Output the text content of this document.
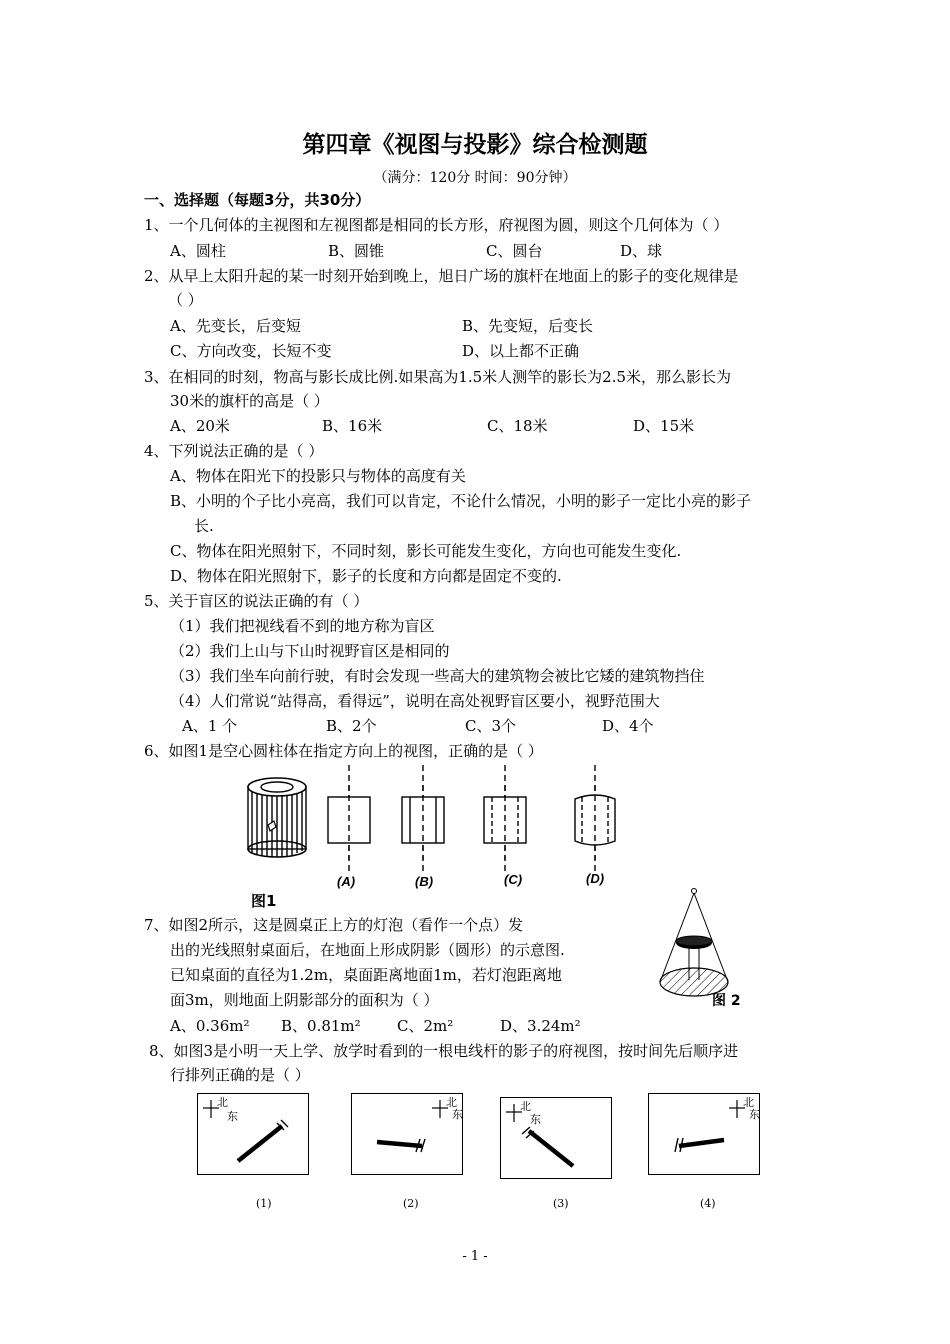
第四章《视图与投影》综合检测题
（满分：120分 时间：90分钟）
一、选择题（每题3分，共30分）
1、一个几何体的主视图和左视图都是相同的长方形，府视图为圆，则这个几何体为（ ）
A、圆柱	B、圆锥	C、圆台	D、球
2、从早上太阳升起的某一时刻开始到晚上，旭日广场的旗杆在地面上的影子的变化规律是
（ ）
A、先变长，后变短	B、先变短，后变长
C、方向改变，长短不变	D、以上都不正确
3、在相同的时刻，物高与影长成比例.如果高为1.5米人测竿的影长为2.5米，那么影长为
30米的旗杆的高是（ ）
A、20米	B、16米	C、18米	D、15米
4、下列说法正确的是（ ）
A、物体在阳光下的投影只与物体的高度有关
B、小明的个子比小亮高，我们可以肯定，不论什么情况，小明的影子一定比小亮的影子
长.
C、物体在阳光照射下，不同时刻，影长可能发生变化，方向也可能发生变化.
D、物体在阳光照射下，影子的长度和方向都是固定不变的.
5、关于盲区的说法正确的有（ ）
（1）我们把视线看不到的地方称为盲区
（2）我们上山与下山时视野盲区是相同的
（3）我们坐车向前行驶，有时会发现一些高大的建筑物会被比它矮的建筑物挡住
（4）人们常说“站得高，看得远”，说明在高处视野盲区要小，视野范围大
A、1 个	B、2个	C、3个	D、4个
6、如图1是空心圆柱体在指定方向上的视图，正确的是（ ）
(A)	(B)	(C)	(D)
图1
7、如图2所示，这是圆桌正上方的灯泡（看作一个点）发
出的光线照射桌面后，在地面上形成阴影（圆形）的示意图.
已知桌面的直径为1.2m，桌面距离地面1m，若灯泡距离地
面3m，则地面上阴影部分的面积为（ ）
A、0.36m² B、0.81m² C、2m²	D、3.24m²
图 2
8、如图3是小明一天上学、放学时看到的一根电线杆的影子的府视图，按时间先后顺序进
行排列正确的是（ ）
北
东
北
东
北
东
北
东
(1)	(2)	(3)	(4)
- 1 -
